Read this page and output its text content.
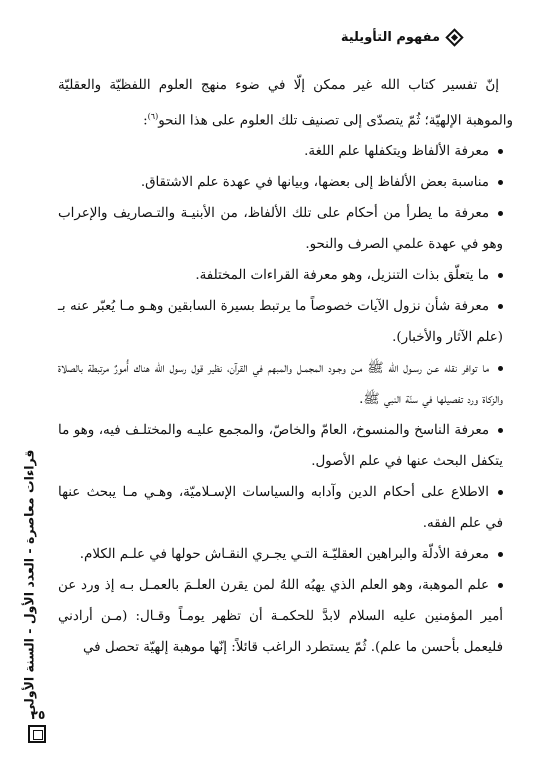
مفهوم التأويلية
قراءات معاصرة - العدد الأول - السنة الأولى
٢٥

إنّ تفسير كتاب الله غير ممكن إلّا في ضوء منهج العلوم اللفظيّة والعقليّة والموهبة الإلهيّة؛ ثُمّ يتصدّى إلى تصنيف تلك العلوم على هذا النحو$^{(٦)}$:

معرفة الألفاظ ويتكفلها علم اللغة.

مناسبة بعض الألفاظ إلى بعضها، وبيانها في عهدة علم الاشتقاق.

معرفة ما يطرأ من أحكام على تلك الألفاظ، من الأبنيـة والتـصاريف والإعراب وهو في عهدة علمي الصرف والنحو.

ما يتعلّق بذات التنزيل، وهو معرفة القراءات المختلفة.

معرفة شأن نزول الآيات خصوصاً ما يرتبط بسيرة السابقين وهـو مـا يُعبّر عنه بـ (علم الآثار والأخبار).

ما توافر نقله عـن رسـول الله ﷺ مـن وجـود المجمـل والمبهم في القرآن، نظير قول رسول الله هناك أُمورٌ مرتبطة بالصلاة والزكاة ورد تفصيلها في سنّة النبي ﷺ.

معرفة الناسخ والمنسوخ، العامّ والخاصّ، والمجمع عليـه والمختلـف فيه، وهو ما يتكفل البحث عنها في علم الأصول.

الاطلاع على أحكام الدين وآدابه والسياسات الإسـلاميّة، وهـي مـا يبحث عنها في علم الفقه.

معرفة الأدلّة والبراهين العقليّـة التـي يجـري النقـاش حولها في علـم الكلام.

علم الموهبة، وهو العلم الذي يهبُه اللهُ لمن يقرن العلـمَ بالعمـل بـه إذ ورد عن أمير المؤمنين عليه السلام لابدَّ للحكمـة أن تظهر يومـاً وقـال: (مـن أرادني فليعمل بأحسن ما علم). ثُمّ يستطرد الراغب قائلاً: إنّها موهبة إلهيّة تحصل في
